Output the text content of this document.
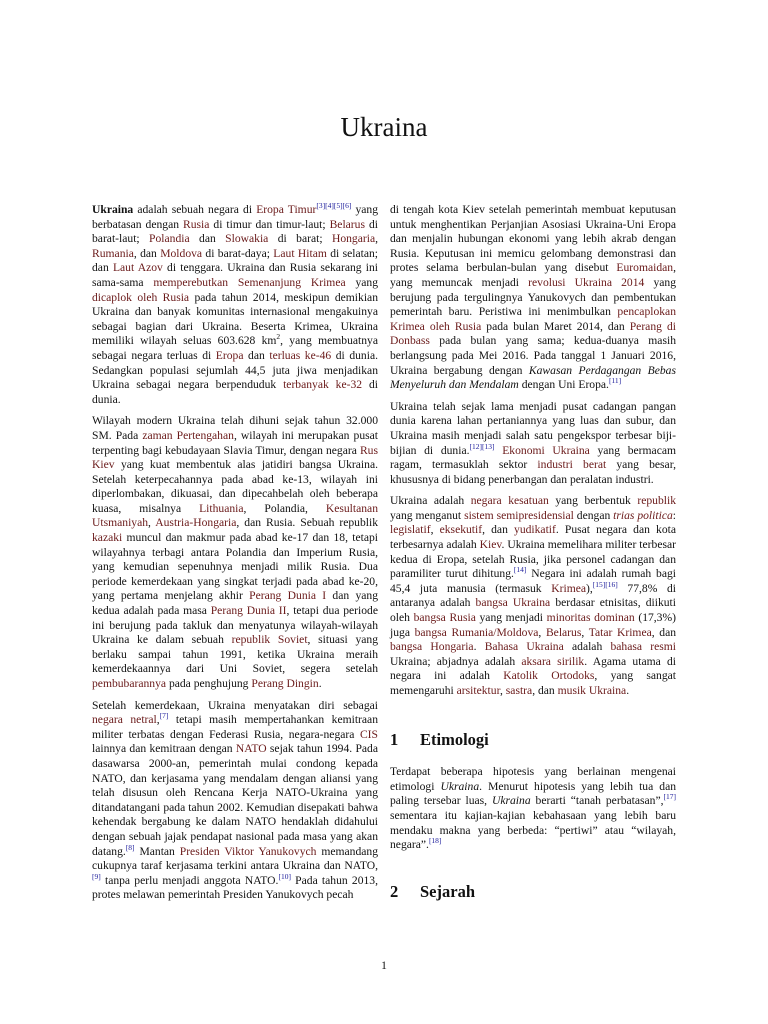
Ukraina

Ukraina adalah sebuah negara di Eropa Timur[3][4][5][6] yang berbatasan dengan Rusia di timur dan timur-laut; Belarus di barat-laut; Polandia dan Slowakia di barat; Hongaria, Rumania, dan Moldova di barat-daya; Laut Hitam di selatan; dan Laut Azov di tenggara. Ukraina dan Rusia sekarang ini sama-sama memperebutkan Semenanjung Krimea yang dicaplok oleh Rusia pada tahun 2014, meskipun demikian Ukraina dan banyak komunitas internasional mengakuinya sebagai bagian dari Ukraina. Beserta Krimea, Ukraina memiliki wilayah seluas 603.628 $km^2$, yang membuatnya sebagai negara terluas di Eropa dan terluas ke-46 di dunia. Sedangkan populasi sejumlah 44,5 juta jiwa menjadikan Ukraina sebagai negara berpenduduk terbanyak ke-32 di dunia.

Wilayah modern Ukraina telah dihuni sejak tahun 32.000 SM. Pada zaman Pertengahan, wilayah ini merupakan pusat terpenting bagi kebudayaan Slavia Timur, dengan negara Rus Kiev yang kuat membentuk alas jatidiri bangsa Ukraina. Setelah keterpecahannya pada abad ke-13, wilayah ini diperlombakan, dikuasai, dan dipecahbelah oleh beberapa kuasa, misalnya Lithuania, Polandia, Kesultanan Utsmaniyah, Austria-Hongaria, dan Rusia. Sebuah republik kazaki muncul dan makmur pada abad ke-17 dan 18, tetapi wilayahnya terbagi antara Polandia dan Imperium Rusia, yang kemudian sepenuhnya menjadi milik Rusia. Dua periode kemerdekaan yang singkat terjadi pada abad ke-20, yang pertama menjelang akhir Perang Dunia I dan yang kedua adalah pada masa Perang Dunia II, tetapi dua periode ini berujung pada takluk dan menyatunya wilayah-wilayah Ukraina ke dalam sebuah republik Soviet, situasi yang berlaku sampai tahun 1991, ketika Ukraina meraih kemerdekaannya dari Uni Soviet, segera setelah pembubarannya pada penghujung Perang Dingin.

Setelah kemerdekaan, Ukraina menyatakan diri sebagai negara netral,[7] tetapi masih mempertahankan kemitraan militer terbatas dengan Federasi Rusia, negara-negara CIS lainnya dan kemitraan dengan NATO sejak tahun 1994. Pada dasawarsa 2000-an, pemerintah mulai condong kepada NATO, dan kerjasama yang mendalam dengan aliansi yang telah disusun oleh Rencana Kerja NATO-Ukraina yang ditandatangani pada tahun 2002. Kemudian disepakati bahwa kehendak bergabung ke dalam NATO hendaklah didahului dengan sebuah jajak pendapat nasional pada masa yang akan datang.[8] Mantan Presiden Viktor Yanukovych memandang cukupnya taraf kerjasama terkini antara Ukraina dan NATO,[9] tanpa perlu menjadi anggota NATO.[10] Pada tahun 2013, protes melawan pemerintah Presiden Yanukovych pecah

di tengah kota Kiev setelah pemerintah membuat keputusan untuk menghentikan Perjanjian Asosiasi Ukraina-Uni Eropa dan menjalin hubungan ekonomi yang lebih akrab dengan Rusia. Keputusan ini memicu gelombang demonstrasi dan protes selama berbulan-bulan yang disebut Euromaidan, yang memuncak menjadi revolusi Ukraina 2014 yang berujung pada tergulingnya Yanukovych dan pembentukan pemerintah baru. Peristiwa ini menimbulkan pencaplokan Krimea oleh Rusia pada bulan Maret 2014, dan Perang di Donbass pada bulan yang sama; kedua-duanya masih berlangsung pada Mei 2016. Pada tanggal 1 Januari 2016, Ukraina bergabung dengan Kawasan Perdagangan Bebas Menyeluruh dan Mendalam dengan Uni Eropa.[11]

Ukraina telah sejak lama menjadi pusat cadangan pangan dunia karena lahan pertaniannya yang luas dan subur, dan Ukraina masih menjadi salah satu pengekspor terbesar biji-bijian di dunia.[12][13] Ekonomi Ukraina yang bermacam ragam, termasuklah sektor industri berat yang besar, khususnya di bidang penerbangan dan peralatan industri.

Ukraina adalah negara kesatuan yang berbentuk republik yang menganut sistem semipresidensial dengan trias politica: legislatif, eksekutif, dan yudikatif. Pusat negara dan kota terbesarnya adalah Kiev. Ukraina memelihara militer terbesar kedua di Eropa, setelah Rusia, jika personel cadangan dan paramiliter turut dihitung.[14] Negara ini adalah rumah bagi 45,4 juta manusia (termasuk Krimea),[15][16] 77,8% di antaranya adalah bangsa Ukraina berdasar etnisitas, diikuti oleh bangsa Rusia yang menjadi minoritas dominan (17,3%) juga bangsa Rumania/Moldova, Belarus, Tatar Krimea, dan bangsa Hongaria. Bahasa Ukraina adalah bahasa resmi Ukraina; abjadnya adalah aksara sirilik. Agama utama di negara ini adalah Katolik Ortodoks, yang sangat memengaruhi arsitektur, sastra, dan musik Ukraina.

1	Etimologi

Terdapat beberapa hipotesis yang berlainan mengenai etimologi Ukraina. Menurut hipotesis yang lebih tua dan paling tersebar luas, Ukraina berarti “tanah perbatasan”,[17] sementara itu kajian-kajian kebahasaan yang lebih baru mendaku makna yang berbeda: “pertiwi” atau “wilayah, negara”.[18]

2	Sejarah
1
